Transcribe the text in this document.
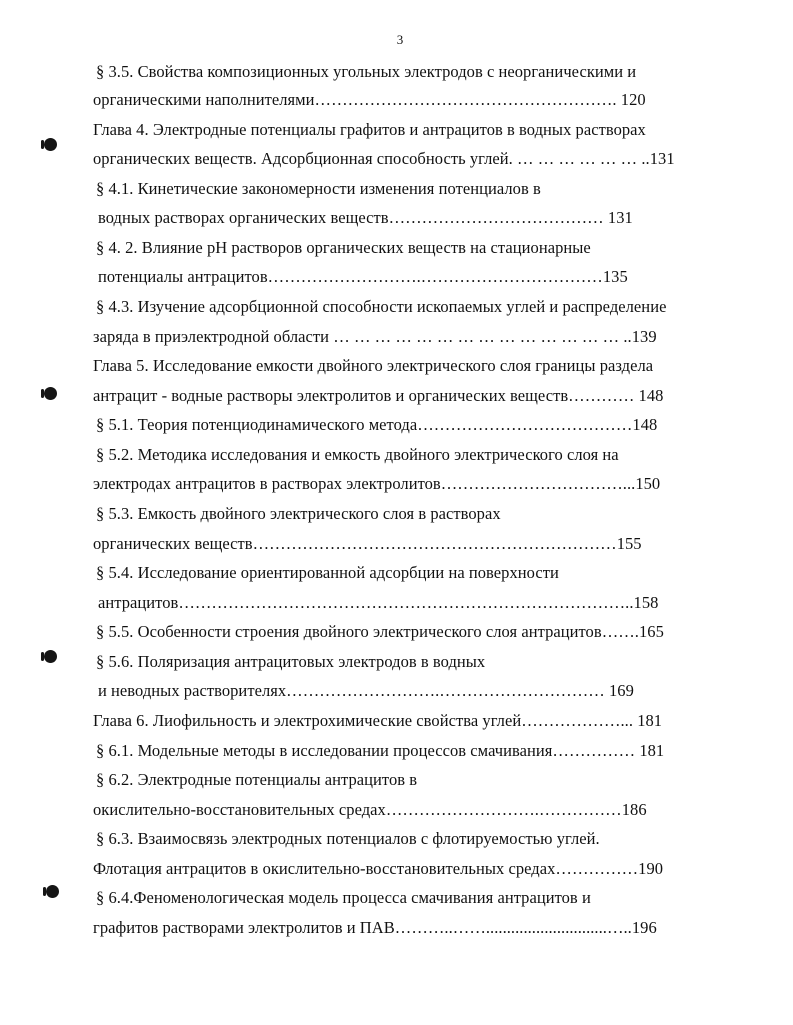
3
§ 3.5. Свойства композиционных угольных электродов с неорганическими и
органическими наполнителями………………………………………………. 120
Глава 4. Электродные потенциалы графитов и антрацитов в водных растворах
органических веществ. Адсорбционная способность углей. … … … … … … ..131
§ 4.1. Кинетические закономерности изменения потенциалов в
водных растворах органических веществ………………………………… 131
§ 4. 2. Влияние рН растворов органических веществ на стационарные
потенциалы антрацитов……………………….……………………………135
§ 4.3. Изучение адсорбционной способности ископаемых углей и распределение
заряда в приэлектродной области … … … … … … … … … … … … … … ..139
Глава 5. Исследование емкости двойного электрического слоя границы раздела
антрацит - водные растворы электролитов и органических веществ………… 148
§ 5.1. Теория потенциодинамического метода…………………………………148
§ 5.2. Методика исследования и емкость двойного электрического слоя на
электродах антрацитов в растворах электролитов……………………………...150
§ 5.3. Емкость двойного электрического слоя в растворах
органических веществ…………………………………………………………155
§ 5.4. Исследование ориентированной адсорбции на поверхности
антрацитов………………………………………………………………………..158
§ 5.5. Особенности строения двойного электрического слоя антрацитов…….165
§ 5.6. Поляризация антрацитовых электродов в водных
и неводных растворителях……………………….………………………… 169
Глава 6. Лиофильность и электрохимические свойства углей………………... 181
§ 6.1. Модельные методы в исследовании процессов смачивания…………… 181
§ 6.2. Электродные потенциалы антрацитов в
окислительно-восстановительных средах……………………….……………186
§ 6.3. Взаимосвязь электродных потенциалов с флотируемостью углей.
Флотация антрацитов в окислительно-восстановительных средах……………190
§ 6.4.Феноменологическая модель процесса смачивания антрацитов и
графитов растворами электролитов и ПАВ………..…….............................…..196
